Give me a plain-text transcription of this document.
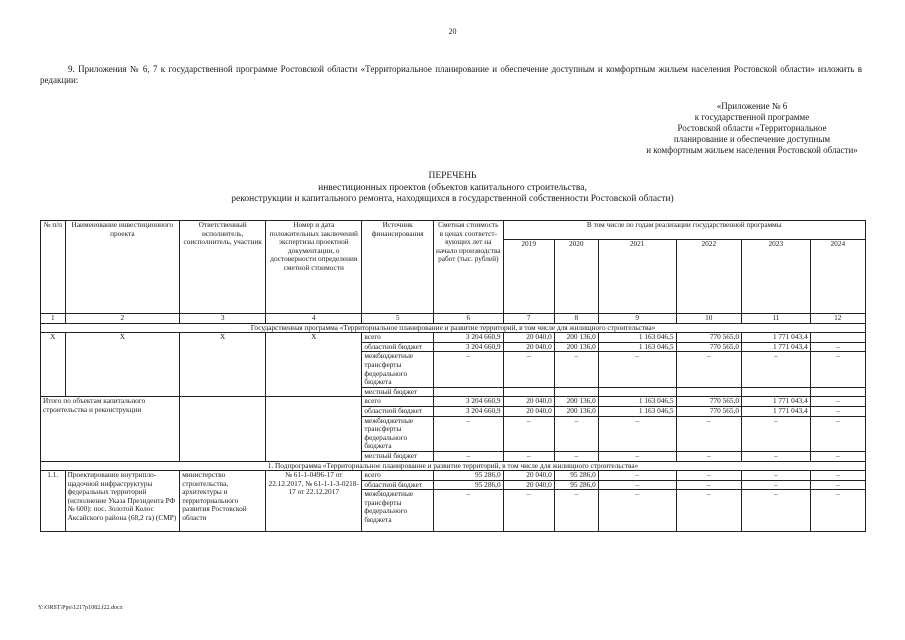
20
9. Приложения № 6, 7 к государственной программе Ростовской области «Территориальное планирование и обеспечение доступным и комфортным жильем населения Ростовской области» изложить в редакции:
«Приложение № 6
к государственной программе
Ростовской области «Территориальное
планирование и обеспечение доступным
и комфортным жильем населения Ростовской области»
ПЕРЕЧЕНЬ
инвестиционных проектов (объектов капитального строительства,
реконструкции и капитального ремонта, находящихся в государственной собственности Ростовской области)
№ п/п	Наименование инвестиционного проекта	Ответственный исполнитель, соисполнитель, участник	Номер и дата положительных заключений экспертизы проектной документации, о достоверности определения сметной стоимости	Источник финансирования	Сметная стоимость в ценах соответст-вующих лет на начало производства работ (тыс. рублей)	В том числе по годам реализации государственной программы					
						2019	2020	2021	2022	2023	2024
1	2	3	4	5	6	7	8	9	10	11	12
Государственная программа «Территориальное планирование и развитие территорий, в том числе для жилищного строительства»											
Х	Х	Х	Х	всего	3 204 660,9	20 040,0	200 136,0	1 163 046,5	770 565,0	1 771 043,4	
				областной бюджет	3 204 660,9	20 040,0	200 136,0	1 163 046,5	770 565,0	1 771 043,4	–
				межбюджетные трансферты федерального бюджета	–	–	–	–	–	–	–
				местный бюджет							
Итого по объектам капитального строительства и реконструкции				всего	3 204 660,9	20 040,0	200 136,0	1 163 046,5	770 565,0	1 771 043,4	–
				областной бюджет	3 204 660,9	20 040,0	200 136,0	1 163 046,5	770 565,0	1 771 043,4	–
				межбюджетные трансферты федерального бюджета	–	–	–	–	–	–	–
				местный бюджет	–	–	–	–	–	–	–
1. Подпрограмма «Территориальное планирование и развитие территорий, в том числе для жилищного строительства»											
1.1.	Проектирование внутрипло-щадочной инфраструктуры федеральных территорий (исполнение Указа Президента РФ № 600): пос. Золотой Колос Аксайского района (68,2 га) (СМР)	министерство строительства, архитектуры и территориального развития Ростовской области	№ 61-1-0496-17 от 22.12.2017, № 61-1-1-3-0218-17 от 22.12.2017	всего	95 286,0	20 040,0	95 286,0	–	–	–	–
				областной бюджет	95 286,0	20 040,0	95 286,0	–	–	–	–
				межбюджетные трансферты федерального бюджета	–	–	–	–	–	–	–
Y:\ORST\Ppo\1217p1082.f22.docx
